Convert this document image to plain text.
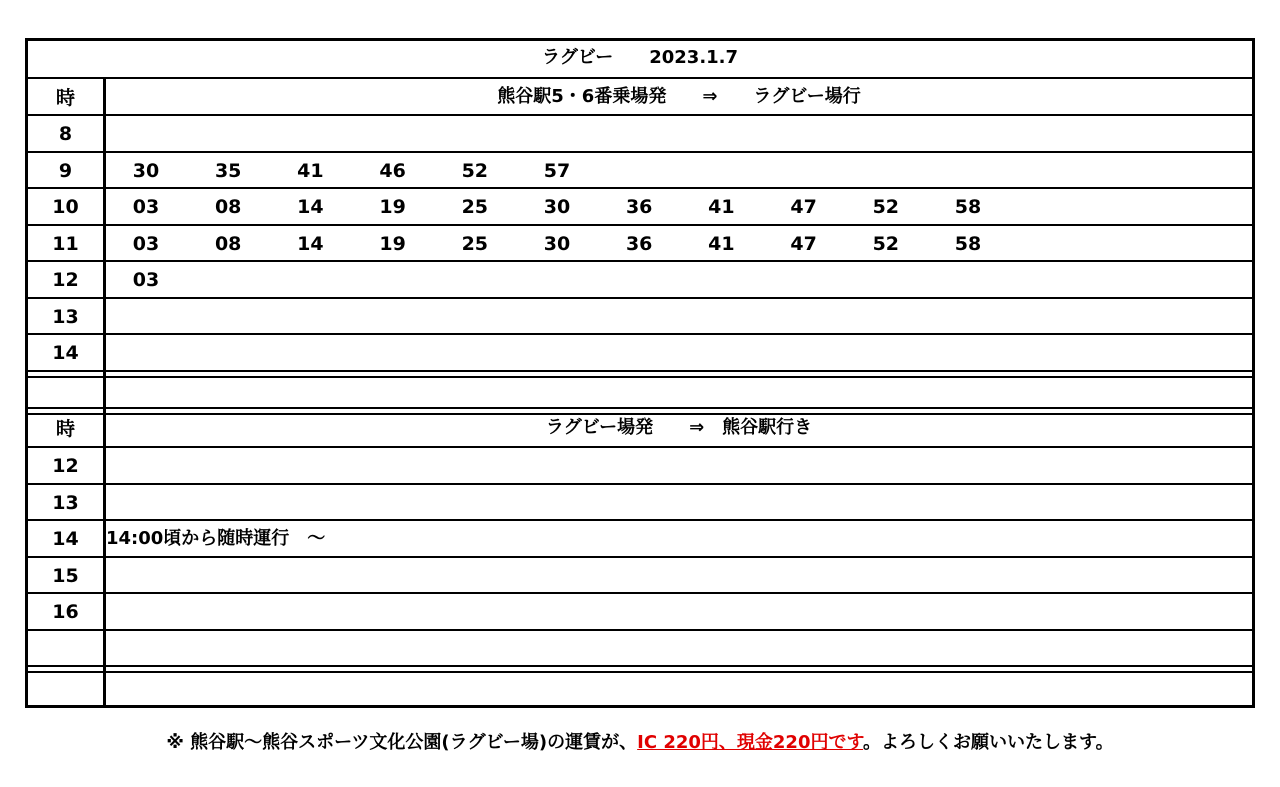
ラグビー　　2023.1.7
時	熊谷駅5・6番乗場発　　⇒　　ラグビー場行
8
9	30	35	41	46	52	57
10	03	08	14	19	25	30	36	41	47	52	58
11	03	08	14	19	25	30	36	41	47	52	58
12	03
13
14
時	ラグビー場発　　⇒　熊谷駅行き
12
13
14	14:00頃から随時運行　～
15
16
※ 熊谷駅～熊谷スポーツ文化公園(ラグビー場)の運賃が、IC 220円、現金220円です。よろしくお願いいたします。
